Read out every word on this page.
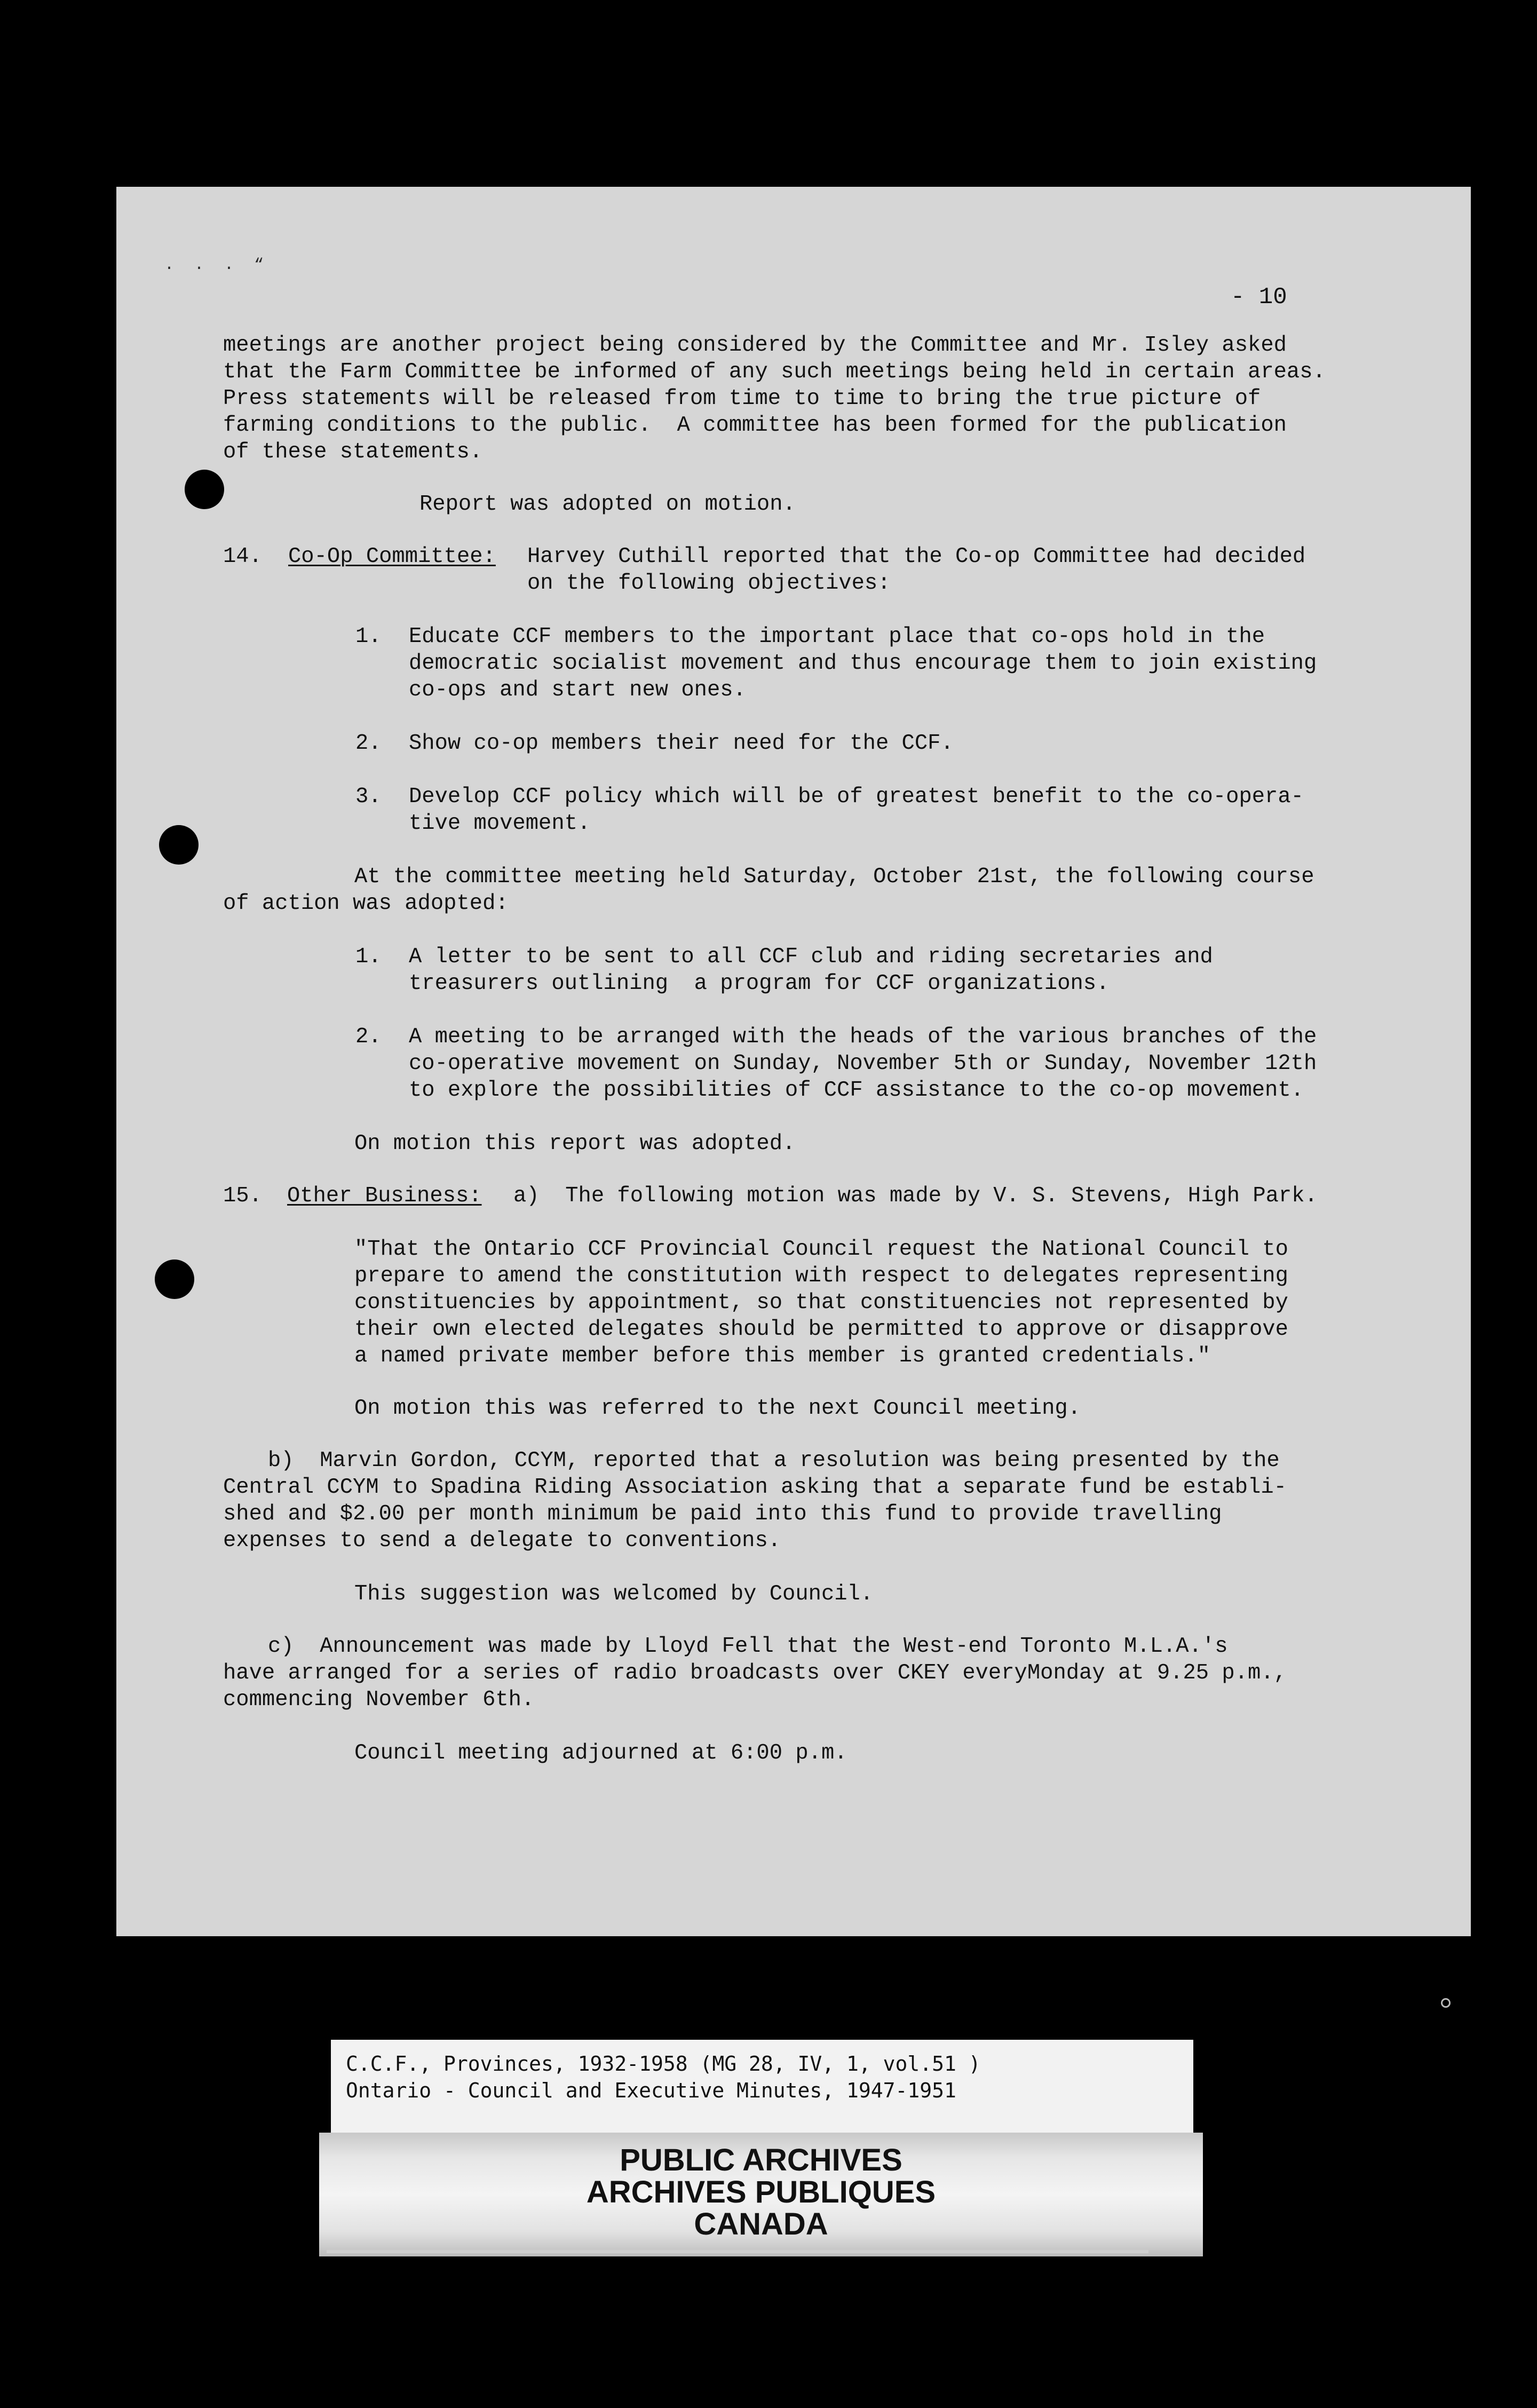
. . . “
- 10
meetings are another project being considered by the Committee and Mr. Isley asked
that the Farm Committee be informed of any such meetings being held in certain areas.
Press statements will be released from time to time to bring the true picture of
farming conditions to the public.  A committee has been formed for the publication
of these statements.
Report was adopted on motion.
14. Co-Op Committee: Harvey Cuthill reported that the Co-op Committee had decided
on the following objectives:
1. Educate CCF members to the important place that co-ops hold in the
democratic socialist movement and thus encourage them to join existing
co-ops and start new ones.
2. Show co-op members their need for the CCF.
3. Develop CCF policy which will be of greatest benefit to the co-opera-
tive movement.
At the committee meeting held Saturday, October 21st, the following course
of action was adopted:
1. A letter to be sent to all CCF club and riding secretaries and
treasurers outlining  a program for CCF organizations.
2. A meeting to be arranged with the heads of the various branches of the
co-operative movement on Sunday, November 5th or Sunday, November 12th
to explore the possibilities of CCF assistance to the co-op movement.
On motion this report was adopted.
15. Other Business: a)  The following motion was made by V. S. Stevens, High Park.
"That the Ontario CCF Provincial Council request the National Council to
prepare to amend the constitution with respect to delegates representing
constituencies by appointment, so that constituencies not represented by
their own elected delegates should be permitted to approve or disapprove
a named private member before this member is granted credentials."
On motion this was referred to the next Council meeting.
b)  Marvin Gordon, CCYM, reported that a resolution was being presented by the
Central CCYM to Spadina Riding Association asking that a separate fund be establi-
shed and $2.00 per month minimum be paid into this fund to provide travelling
expenses to send a delegate to conventions.
This suggestion was welcomed by Council.
c)  Announcement was made by Lloyd Fell that the West-end Toronto M.L.A.'s
have arranged for a series of radio broadcasts over CKEY everyMonday at 9.25 p.m.,
commencing November 6th.
Council meeting adjourned at 6:00 p.m.
C.C.F., Provinces, 1932-1958 (MG 28, IV, 1, vol.51 )
Ontario - Council and Executive Minutes, 1947-1951
PUBLIC ARCHIVES
ARCHIVES PUBLIQUES
CANADA
